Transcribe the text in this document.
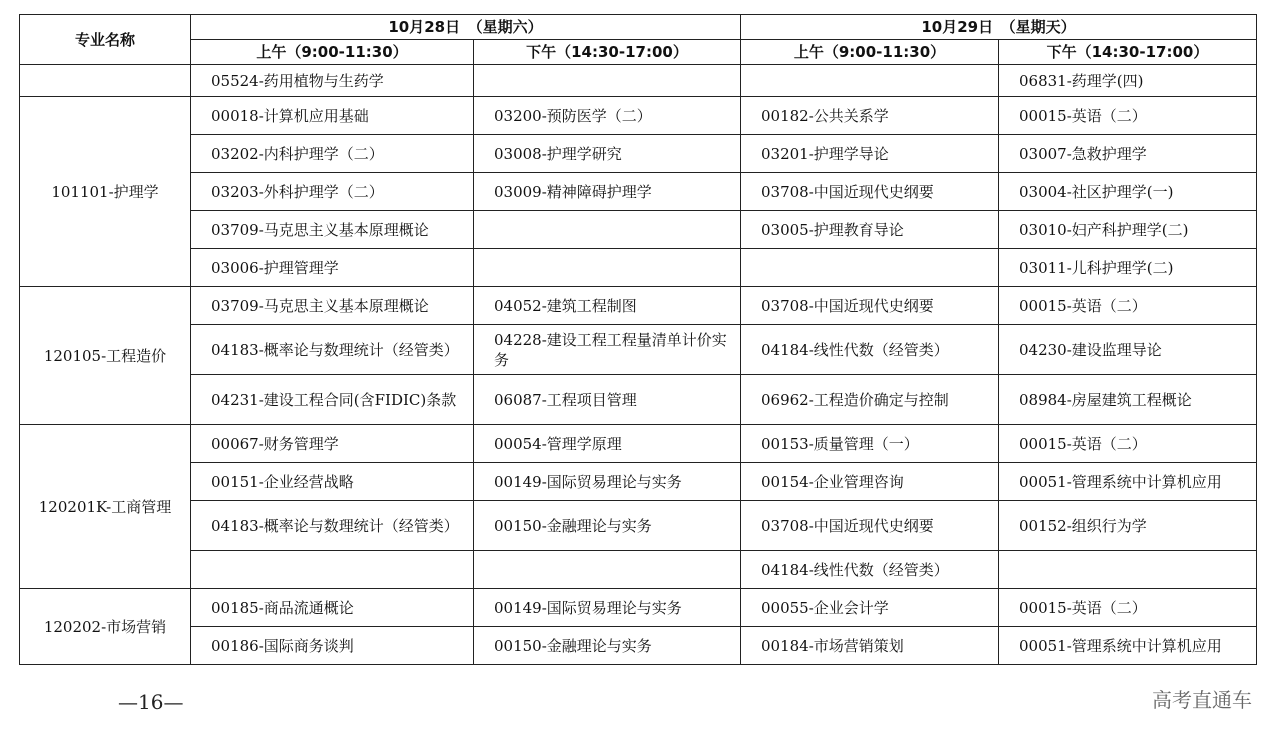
专业名称	10月28日　（星期六）		10月29日　（星期天）	
	上午（9:00-11:30）	下午（14:30-17:00）	上午（9:00-11:30）	下午（14:30-17:00）
	05524-药用植物与生药学			06831-药理学(四)
101101-护理学	00018-计算机应用基础	03200-预防医学（二）	00182-公共关系学	00015-英语（二）
	03202-内科护理学（二）	03008-护理学研究	03201-护理学导论	03007-急救护理学
	03203-外科护理学（二）	03009-精神障碍护理学	03708-中国近现代史纲要	03004-社区护理学(一)
	03709-马克思主义基本原理概论		03005-护理教育导论	03010-妇产科护理学(二)
	03006-护理管理学			03011-儿科护理学(二)
120105-工程造价	03709-马克思主义基本原理概论	04052-建筑工程制图	03708-中国近现代史纲要	00015-英语（二）
	04183-概率论与数理统计（经管类）	04228-建设工程工程量清单计价实务	04184-线性代数（经管类）	04230-建设监理导论
	04231-建设工程合同(含FIDIC)条款	06087-工程项目管理	06962-工程造价确定与控制	08984-房屋建筑工程概论
120201K-工商管理	00067-财务管理学	00054-管理学原理	00153-质量管理（一）	00015-英语（二）
	00151-企业经营战略	00149-国际贸易理论与实务	00154-企业管理咨询	00051-管理系统中计算机应用
	04183-概率论与数理统计（经管类）	00150-金融理论与实务	03708-中国近现代史纲要	00152-组织行为学
			04184-线性代数（经管类）	
120202-市场营销	00185-商品流通概论	00149-国际贸易理论与实务	00055-企业会计学	00015-英语（二）
	00186-国际商务谈判	00150-金融理论与实务	00184-市场营销策划	00051-管理系统中计算机应用
—16—	高考直通车
